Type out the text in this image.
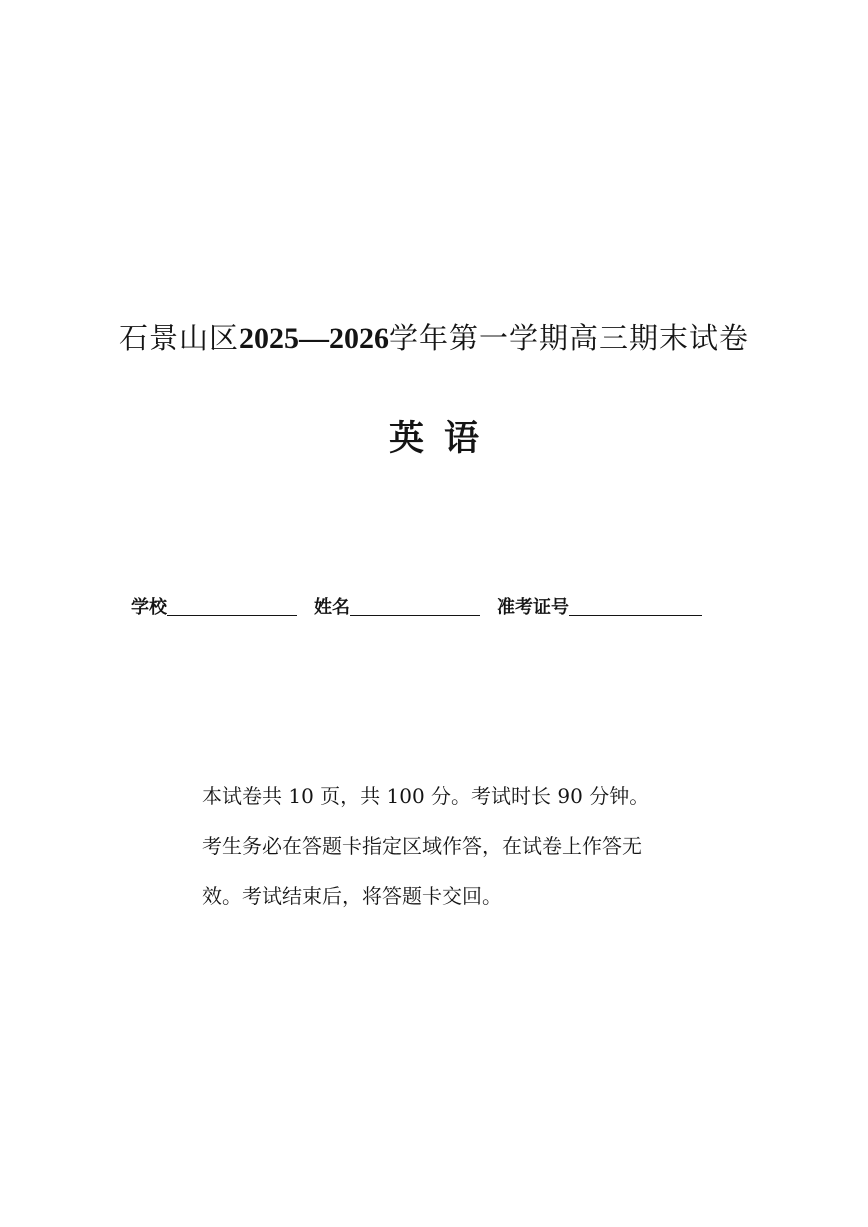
石景山区2025—2026学年第一学期高三期末试卷
英语
学校	姓名	准考证号

本试卷共 10 页，共 100 分。考试时长 90 分钟。

考生务必在答题卡指定区域作答，在试卷上作答无

效。考试结束后，将答题卡交回。
